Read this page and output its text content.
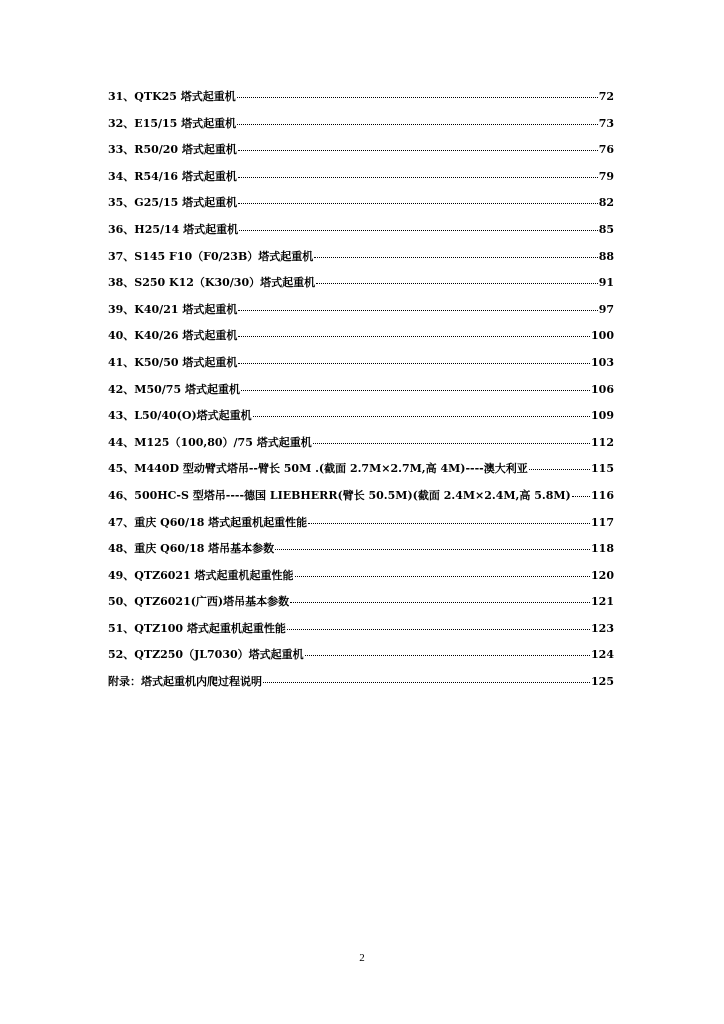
31、QTK25 塔式起重机	72
32、E15/15 塔式起重机	73
33、R50/20 塔式起重机	76
34、R54/16 塔式起重机	79
35、G25/15 塔式起重机	82
36、H25/14 塔式起重机	85
37、S145 F10（F0/23B）塔式起重机	88
38、S250 K12（K30/30）塔式起重机	91
39、K40/21 塔式起重机	97
40、K40/26 塔式起重机	100
41、K50/50 塔式起重机	103
42、M50/75 塔式起重机	106
43、L50/40(O)塔式起重机	109
44、M125（100,80）/75 塔式起重机	112
45、M440D 型动臂式塔吊--臂长 50M .(截面 2.7M×2.7M,高 4M)----澳大利亚	115
46、500HC-S 型塔吊----德国 LIEBHERR(臂长 50.5M)(截面 2.4M×2.4M,高 5.8M) 116
47、重庆 Q60/18 塔式起重机起重性能	117
48、重庆 Q60/18 塔吊基本参数	118
49、QTZ6021 塔式起重机起重性能	120
50、QTZ6021(广西)塔吊基本参数	121
51、QTZ100 塔式起重机起重性能	123
52、QTZ250（JL7030）塔式起重机	124
附录：塔式起重机内爬过程说明	125
2
